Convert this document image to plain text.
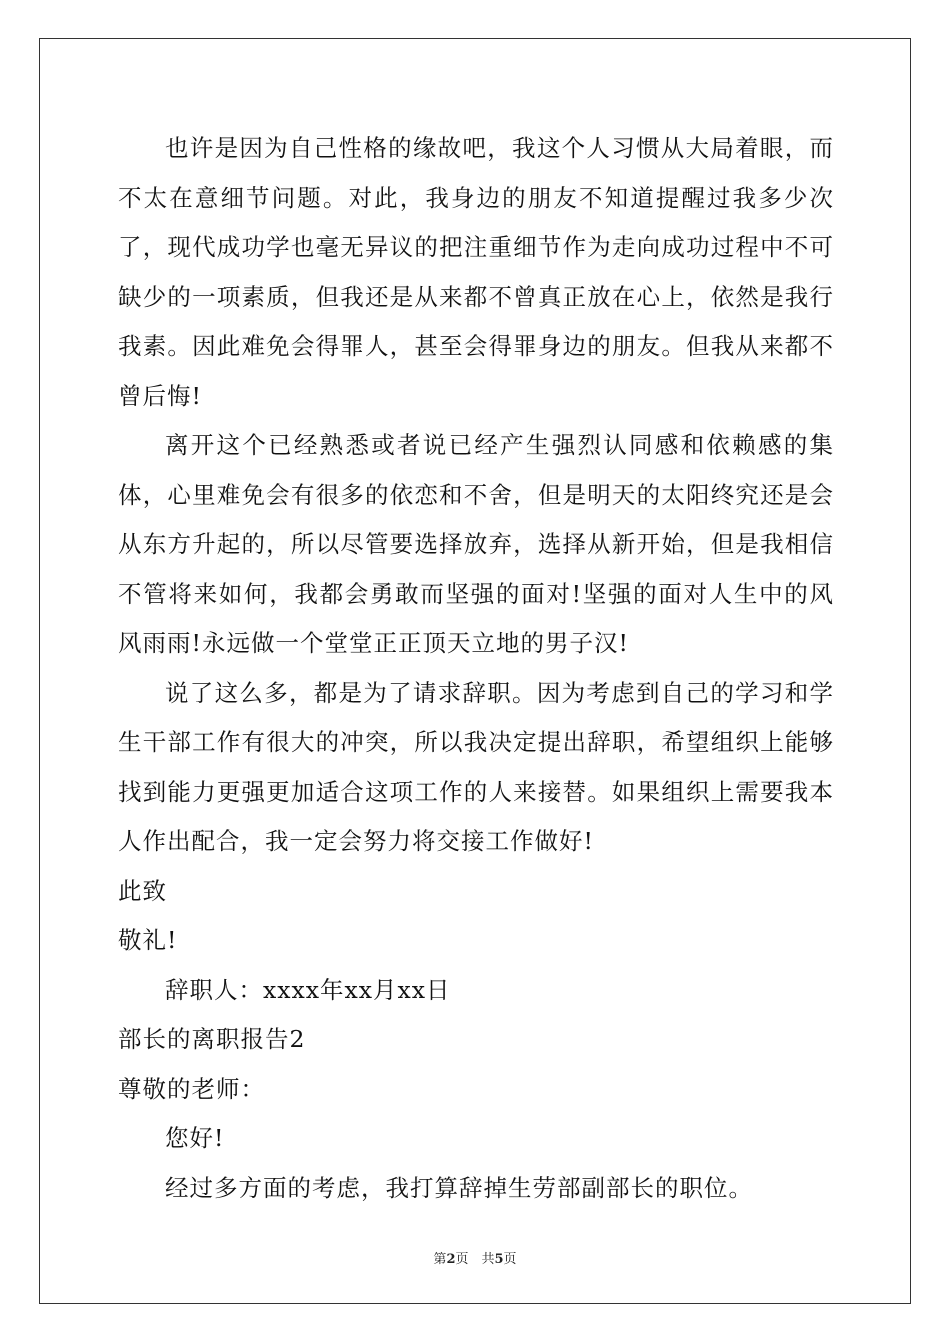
也许是因为自己性格的缘故吧，我这个人习惯从大局着眼，而不太在意细节问题。对此，我身边的朋友不知道提醒过我多少次了，现代成功学也毫无异议的把注重细节作为走向成功过程中不可缺少的一项素质，但我还是从来都不曾真正放在心上，依然是我行我素。因此难免会得罪人，甚至会得罪身边的朋友。但我从来都不曾后悔!

离开这个已经熟悉或者说已经产生强烈认同感和依赖感的集体，心里难免会有很多的依恋和不舍，但是明天的太阳终究还是会从东方升起的，所以尽管要选择放弃，选择从新开始，但是我相信不管将来如何，我都会勇敢而坚强的面对!坚强的面对人生中的风风雨雨!永远做一个堂堂正正顶天立地的男子汉!

说了这么多，都是为了请求辞职。因为考虑到自己的学习和学生干部工作有很大的冲突，所以我决定提出辞职，希望组织上能够找到能力更强更加适合这项工作的人来接替。如果组织上需要我本人作出配合，我一定会努力将交接工作做好!

此致

敬礼!

辞职人：xxxx年xx月xx日

部长的离职报告2

尊敬的老师：

您好!

经过多方面的考虑，我打算辞掉生劳部副部长的职位。

第2页　共5页
